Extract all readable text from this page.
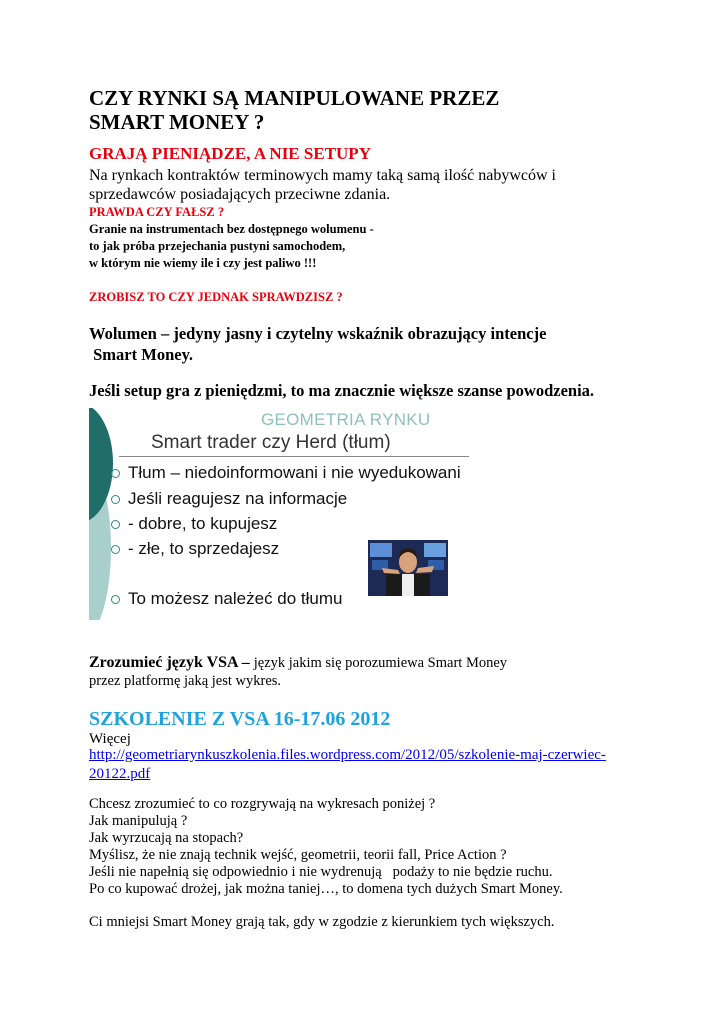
CZY RYNKI SĄ MANIPULOWANE PRZEZ
SMART MONEY ?
GRAJĄ PIENIĄDZE, A NIE SETUPY
Na rynkach kontraktów terminowych mamy taką samą ilość nabywców i
sprzedawców posiadających przeciwne zdania.
PRAWDA CZY FAŁSZ ?
Granie na instrumentach bez dostępnego wolumenu -
to jak próba przejechania pustyni samochodem,
w którym nie wiemy ile i czy jest paliwo !!!
ZROBISZ TO CZY JEDNAK SPRAWDZISZ ?
Wolumen – jedyny jasny i czytelny wskaźnik obrazujący intencje
Smart Money.
Jeśli setup gra z pieniędzmi, to ma znacznie większe szanse powodzenia.
GEOMETRIA RYNKU
Smart trader czy Herd (tłum)
Tłum – niedoinformowani i nie wyedukowani
Jeśli reagujesz na informacje
- dobre, to kupujesz
- złe, to sprzedajesz
To możesz należeć do tłumu
Zrozumieć język VSA – język jakim się porozumiewa Smart Money
przez platformę jaką jest wykres.
SZKOLENIE Z VSA 16-17.06 2012
Więcej
http://geometriarynkuszkolenia.files.wordpress.com/2012/05/szkolenie-maj-czerwiec-
20122.pdf
Chcesz zrozumieć to co rozgrywają na wykresach poniżej ?
Jak manipulują ?
Jak wyrzucają na stopach?
Myślisz, że nie znają technik wejść, geometrii, teorii fall, Price Action ?
Jeśli nie napełnią się odpowiednio i nie wydrenują   podaży to nie będzie ruchu.
Po co kupować drożej, jak można taniej…, to domena tych dużych Smart Money.
Ci mniejsi Smart Money grają tak, gdy w zgodzie z kierunkiem tych większych.
